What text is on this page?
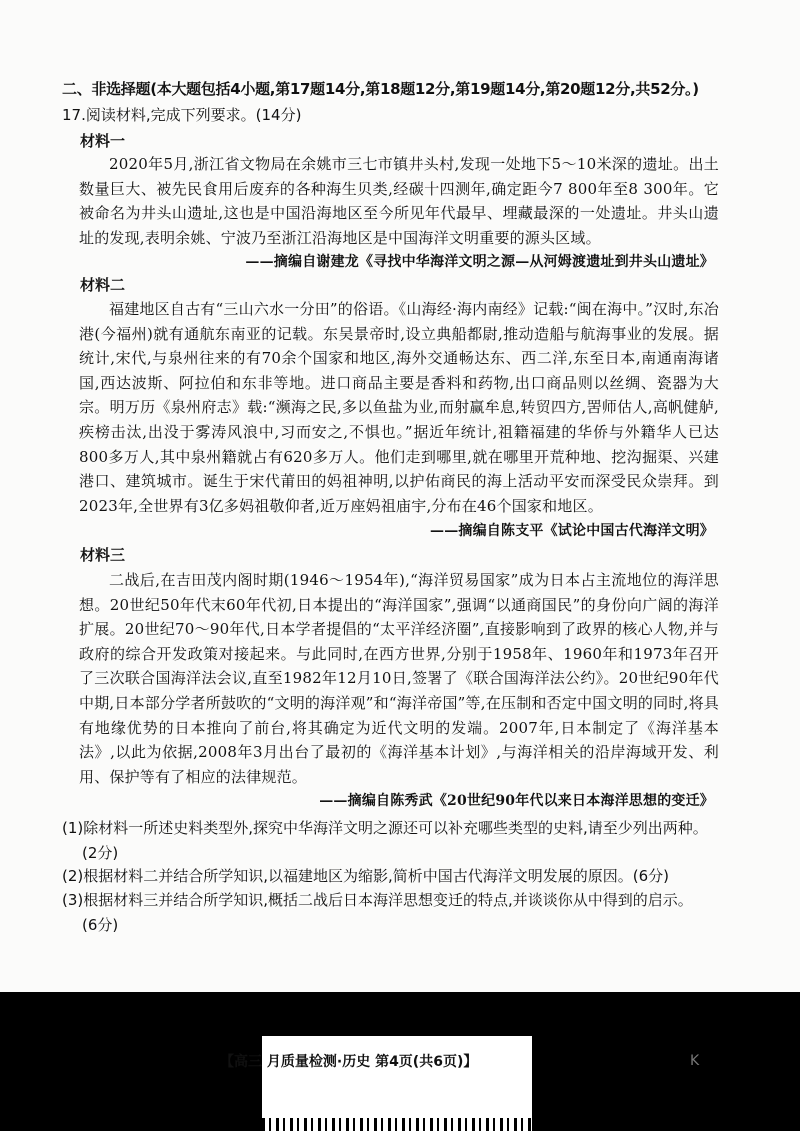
二、非选择题(本大题包括4小题,第17题14分,第18题12分,第19题14分,第20题12分,共52分。)
17.阅读材料,完成下列要求。(14分)
材料一
2020年5月,浙江省文物局在余姚市三七市镇井头村,发现一处地下5～10米深的遗址。出土数量巨大、被先民食用后废弃的各种海生贝类,经碳十四测年,确定距今7 800年至8 300年。它被命名为井头山遗址,这也是中国沿海地区至今所见年代最早、埋藏最深的一处遗址。井头山遗址的发现,表明余姚、宁波乃至浙江沿海地区是中国海洋文明重要的源头区域。
——摘编自谢建龙《寻找中华海洋文明之源—从河姆渡遗址到井头山遗址》
材料二
福建地区自古有“三山六水一分田”的俗语。《山海经·海内南经》记载:“闽在海中。”汉时,东冶港(今福州)就有通航东南亚的记载。东吴景帝时,设立典船都尉,推动造船与航海事业的发展。据统计,宋代,与泉州往来的有70余个国家和地区,海外交通畅达东、西二洋,东至日本,南通南海诸国,西达波斯、阿拉伯和东非等地。进口商品主要是香料和药物,出口商品则以丝绸、瓷器为大宗。明万历《泉州府志》载:“濒海之民,多以鱼盐为业,而射赢牟息,转贸四方,罟师估人,高帆健舻,疾榜击汰,出没于雾涛风浪中,习而安之,不惧也。”据近年统计,祖籍福建的华侨与外籍华人已达800多万人,其中泉州籍就占有620多万人。他们走到哪里,就在哪里开荒种地、挖沟掘渠、兴建港口、建筑城市。诞生于宋代莆田的妈祖神明,以护佑商民的海上活动平安而深受民众崇拜。到2023年,全世界有3亿多妈祖敬仰者,近万座妈祖庙宇,分布在46个国家和地区。
——摘编自陈支平《试论中国古代海洋文明》
材料三
二战后,在吉田茂内阁时期(1946～1954年),“海洋贸易国家”成为日本占主流地位的海洋思想。20世纪50年代末60年代初,日本提出的“海洋国家”,强调“以通商国民”的身份向广阔的海洋扩展。20世纪70～90年代,日本学者提倡的“太平洋经济圈”,直接影响到了政界的核心人物,并与政府的综合开发政策对接起来。与此同时,在西方世界,分别于1958年、1960年和1973年召开了三次联合国海洋法会议,直至1982年12月10日,签署了《联合国海洋法公约》。20世纪90年代中期,日本部分学者所鼓吹的“文明的海洋观”和“海洋帝国”等,在压制和否定中国文明的同时,将具有地缘优势的日本推向了前台,将其确定为近代文明的发端。2007年,日本制定了《海洋基本法》,以此为依据,2008年3月出台了最初的《海洋基本计划》,与海洋相关的沿岸海域开发、利用、保护等有了相应的法律规范。
——摘编自陈秀武《20世纪90年代以来日本海洋思想的变迁》
(1)除材料一所述史料类型外,探究中华海洋文明之源还可以补充哪些类型的史料,请至少列出两种。
(2分)
(2)根据材料二并结合所学知识,以福建地区为缩影,简析中国古代海洋文明发展的原因。(6分)
(3)根据材料三并结合所学知识,概括二战后日本海洋思想变迁的特点,并谈谈你从中得到的启示。
(6分)
【高三 月质量检测·历史 第4页(共6页)】	K
